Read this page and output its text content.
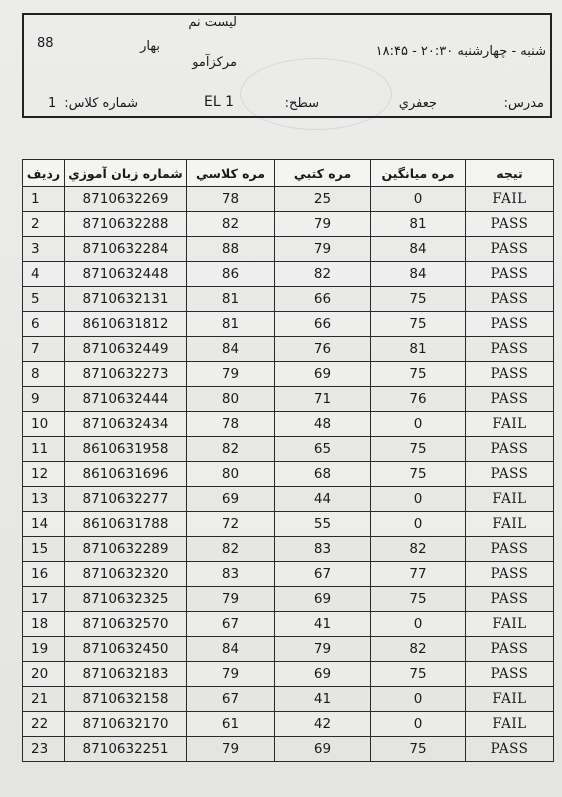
لیست نم
بهار
88
مرکزآمو
شنبه - چهارشنبه ۲۰:۳۰ - ۱۸:۴۵
شماره کلاس:
1	EL 1	سطح:	جعفري	مدرس:
رديف	شماره زبان آموزي	مره كلاسي	مره كتبي	مره ميانگين	تيجه
1	8710632269	78	25	0	FAIL
2	8710632288	82	79	81	PASS
3	8710632284	88	79	84	PASS
4	8710632448	86	82	84	PASS
5	8710632131	81	66	75	PASS
6	8610631812	81	66	75	PASS
7	8710632449	84	76	81	PASS
8	8710632273	79	69	75	PASS
9	8710632444	80	71	76	PASS
10	8710632434	78	48	0	FAIL
11	8610631958	82	65	75	PASS
12	8610631696	80	68	75	PASS
13	8710632277	69	44	0	FAIL
14	8610631788	72	55	0	FAIL
15	8710632289	82	83	82	PASS
16	8710632320	83	67	77	PASS
17	8710632325	79	69	75	PASS
18	8710632570	67	41	0	FAIL
19	8710632450	84	79	82	PASS
20	8710632183	79	69	75	PASS
21	8710632158	67	41	0	FAIL
22	8710632170	61	42	0	FAIL
23	8710632251	79	69	75	PASS
